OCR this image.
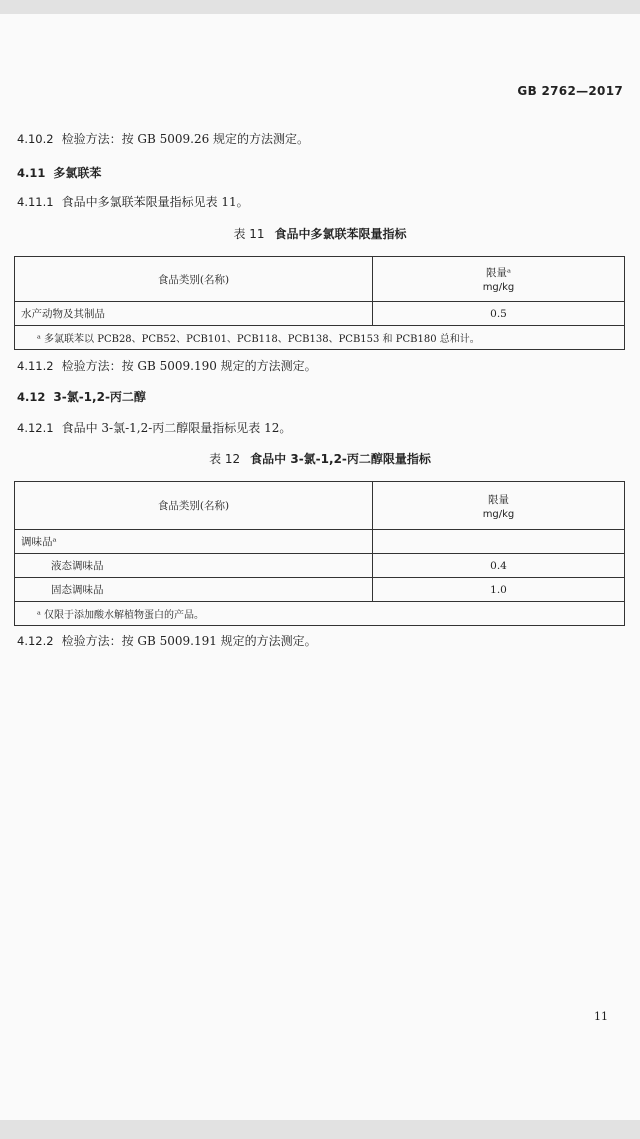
GB 2762—2017
4.10.2 检验方法：按 GB 5009.26 规定的方法测定。
4.11 多氯联苯
4.11.1 食品中多氯联苯限量指标见表 11。
表 11 食品中多氯联苯限量指标
食品类别(名称)	限量ᵃ
mg/kg

水产动物及其制品	0.5
ᵃ 多氯联苯以 PCB28、PCB52、PCB101、PCB118、PCB138、PCB153 和 PCB180 总和计。	
4.11.2 检验方法：按 GB 5009.190 规定的方法测定。
4.12 3-氯-1,2-丙二醇
4.12.1 食品中 3-氯-1,2-丙二醇限量指标见表 12。
表 12 食品中 3-氯-1,2-丙二醇限量指标
食品类别(名称)	限量
mg/kg

调味品ᵃ	
液态调味品	0.4
固态调味品	1.0
ᵃ 仅限于添加酸水解植物蛋白的产品。	
4.12.2 检验方法：按 GB 5009.191 规定的方法测定。
11
